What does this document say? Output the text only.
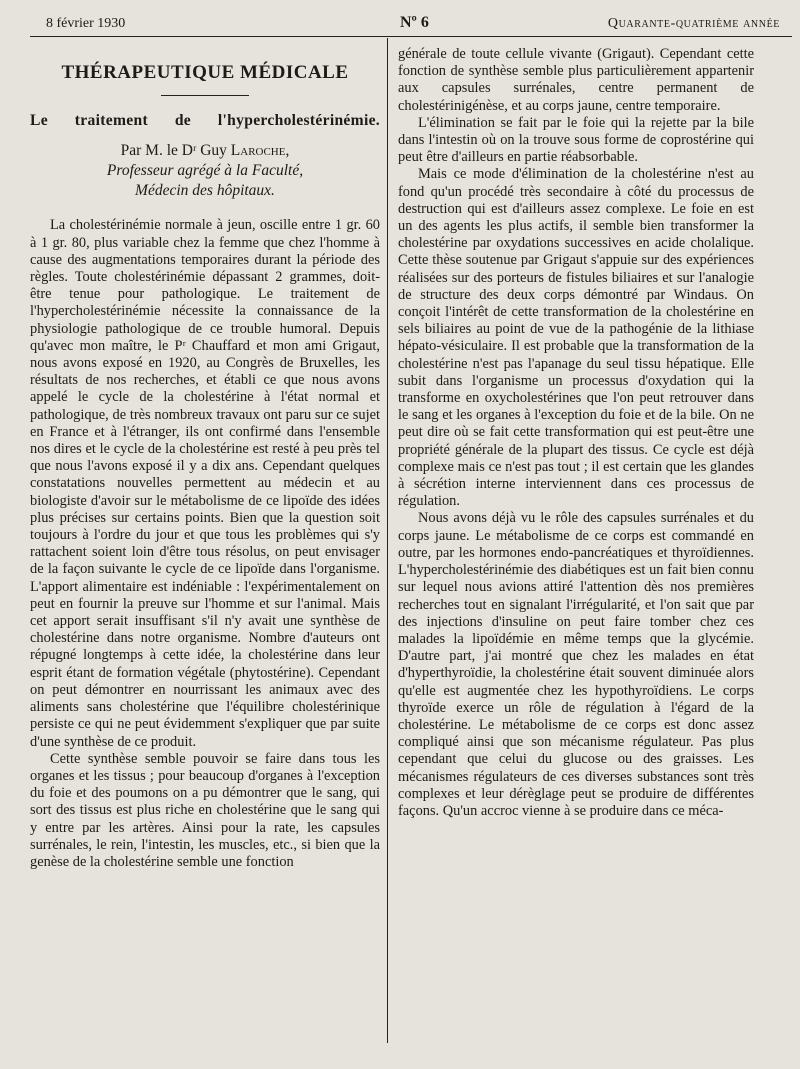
8 février 1930	Nº 6	Quarante-quatrième année
THÉRAPEUTIQUE MÉDICALE
Le traitement de l'hypercholestérinémie.
Par M. le Dʳ Guy Laroche,
Professeur agrégé à la Faculté,
Médecin des hôpitaux.

La cholestérinémie normale à jeun, oscille entre 1 gr. 60 à 1 gr. 80, plus variable chez la femme que chez l'homme à cause des augmentations temporaires durant la période des règles. Toute cholestérinémie dépassant 2 grammes, doit-être tenue pour pathologique. Le traitement de l'hypercholestérinémie nécessite la connaissance de la physiologie pathologique de ce trouble humoral. Depuis qu'avec mon maître, le Pʳ Chauffard et mon ami Grigaut, nous avons exposé en 1920, au Congrès de Bruxelles, les résultats de nos recherches, et établi ce que nous avons appelé le cycle de la cholestérine à l'état normal et pathologique, de très nombreux travaux ont paru sur ce sujet en France et à l'étranger, ils ont confirmé dans l'ensemble nos dires et le cycle de la cholestérine est resté à peu près tel que nous l'avons exposé il y a dix ans. Cependant quelques constatations nouvelles permettent au médecin et au biologiste d'avoir sur le métabolisme de ce lipoïde des idées plus précises sur certains points. Bien que la question soit toujours à l'ordre du jour et que tous les problèmes qui s'y rattachent soient loin d'être tous résolus, on peut envisager de la façon suivante le cycle de ce lipoïde dans l'organisme. L'apport alimentaire est indéniable : l'expérimentalement on peut en fournir la preuve sur l'homme et sur l'animal. Mais cet apport serait insuffisant s'il n'y avait une synthèse de cholestérine dans notre organisme. Nombre d'auteurs ont répugné longtemps à cette idée, la cholestérine dans leur esprit étant de formation végétale (phytostérine). Cependant on peut démontrer en nourrissant les animaux avec des aliments sans cholestérine que l'équilibre cholestérinique persiste ce qui ne peut évidemment s'expliquer que par suite d'une synthèse de ce produit.

Cette synthèse semble pouvoir se faire dans tous les organes et les tissus ; pour beaucoup d'organes à l'exception du foie et des poumons on a pu démontrer que le sang, qui sort des tissus est plus riche en cholestérine que le sang qui y entre par les artères. Ainsi pour la rate, les capsules surrénales, le rein, l'intestin, les muscles, etc., si bien que la genèse de la cholestérine semble une fonction

générale de toute cellule vivante (Grigaut). Cependant cette fonction de synthèse semble plus particulièrement appartenir aux capsules surrénales, centre permanent de cholestérinigénèse, et au corps jaune, centre temporaire.

L'élimination se fait par le foie qui la rejette par la bile dans l'intestin où on la trouve sous forme de coprostérine qui peut être d'ailleurs en partie réabsorbable.

Mais ce mode d'élimination de la cholestérine n'est au fond qu'un procédé très secondaire à côté du processus de destruction qui est d'ailleurs assez complexe. Le foie en est un des agents les plus actifs, il semble bien transformer la cholestérine par oxydations successives en acide cholalique. Cette thèse soutenue par Grigaut s'appuie sur des expériences réalisées sur des porteurs de fistules biliaires et sur l'analogie de structure des deux corps démontré par Windaus. On conçoit l'intérêt de cette transformation de la cholestérine en sels biliaires au point de vue de la pathogénie de la lithiase hépato-vésiculaire. Il est probable que la transformation de la cholestérine n'est pas l'apanage du seul tissu hépatique. Elle subit dans l'organisme un processus d'oxydation qui la transforme en oxycholestérines que l'on peut retrouver dans le sang et les organes à l'exception du foie et de la bile. On ne peut dire où se fait cette transformation qui est peut-être une propriété générale de la plupart des tissus. Ce cycle est déjà complexe mais ce n'est pas tout ; il est certain que les glandes à sécrétion interne interviennent dans ces processus de régulation.

Nous avons déjà vu le rôle des capsules surrénales et du corps jaune. Le métabolisme de ce corps est commandé en outre, par les hormones endo-pancréatiques et thyroïdiennes. L'hypercholestérinémie des diabétiques est un fait bien connu sur lequel nous avions attiré l'attention dès nos premières recherches tout en signalant l'irrégularité, et l'on sait que par des injections d'insuline on peut faire tomber chez ces malades la lipoïdémie en même temps que la glycémie. D'autre part, j'ai montré que chez les malades en état d'hyperthyroïdie, la cholestérine était souvent diminuée alors qu'elle est augmentée chez les hypothyroïdiens. Le corps thyroïde exerce un rôle de régulation à l'égard de la cholestérine. Le métabolisme de ce corps est donc assez compliqué ainsi que son mécanisme régulateur. Pas plus cependant que celui du glucose ou des graisses. Les mécanismes régulateurs de ces diverses substances sont très complexes et leur dérèglage peut se produire de différentes façons. Qu'un accroc vienne à se produire dans ce méca-
